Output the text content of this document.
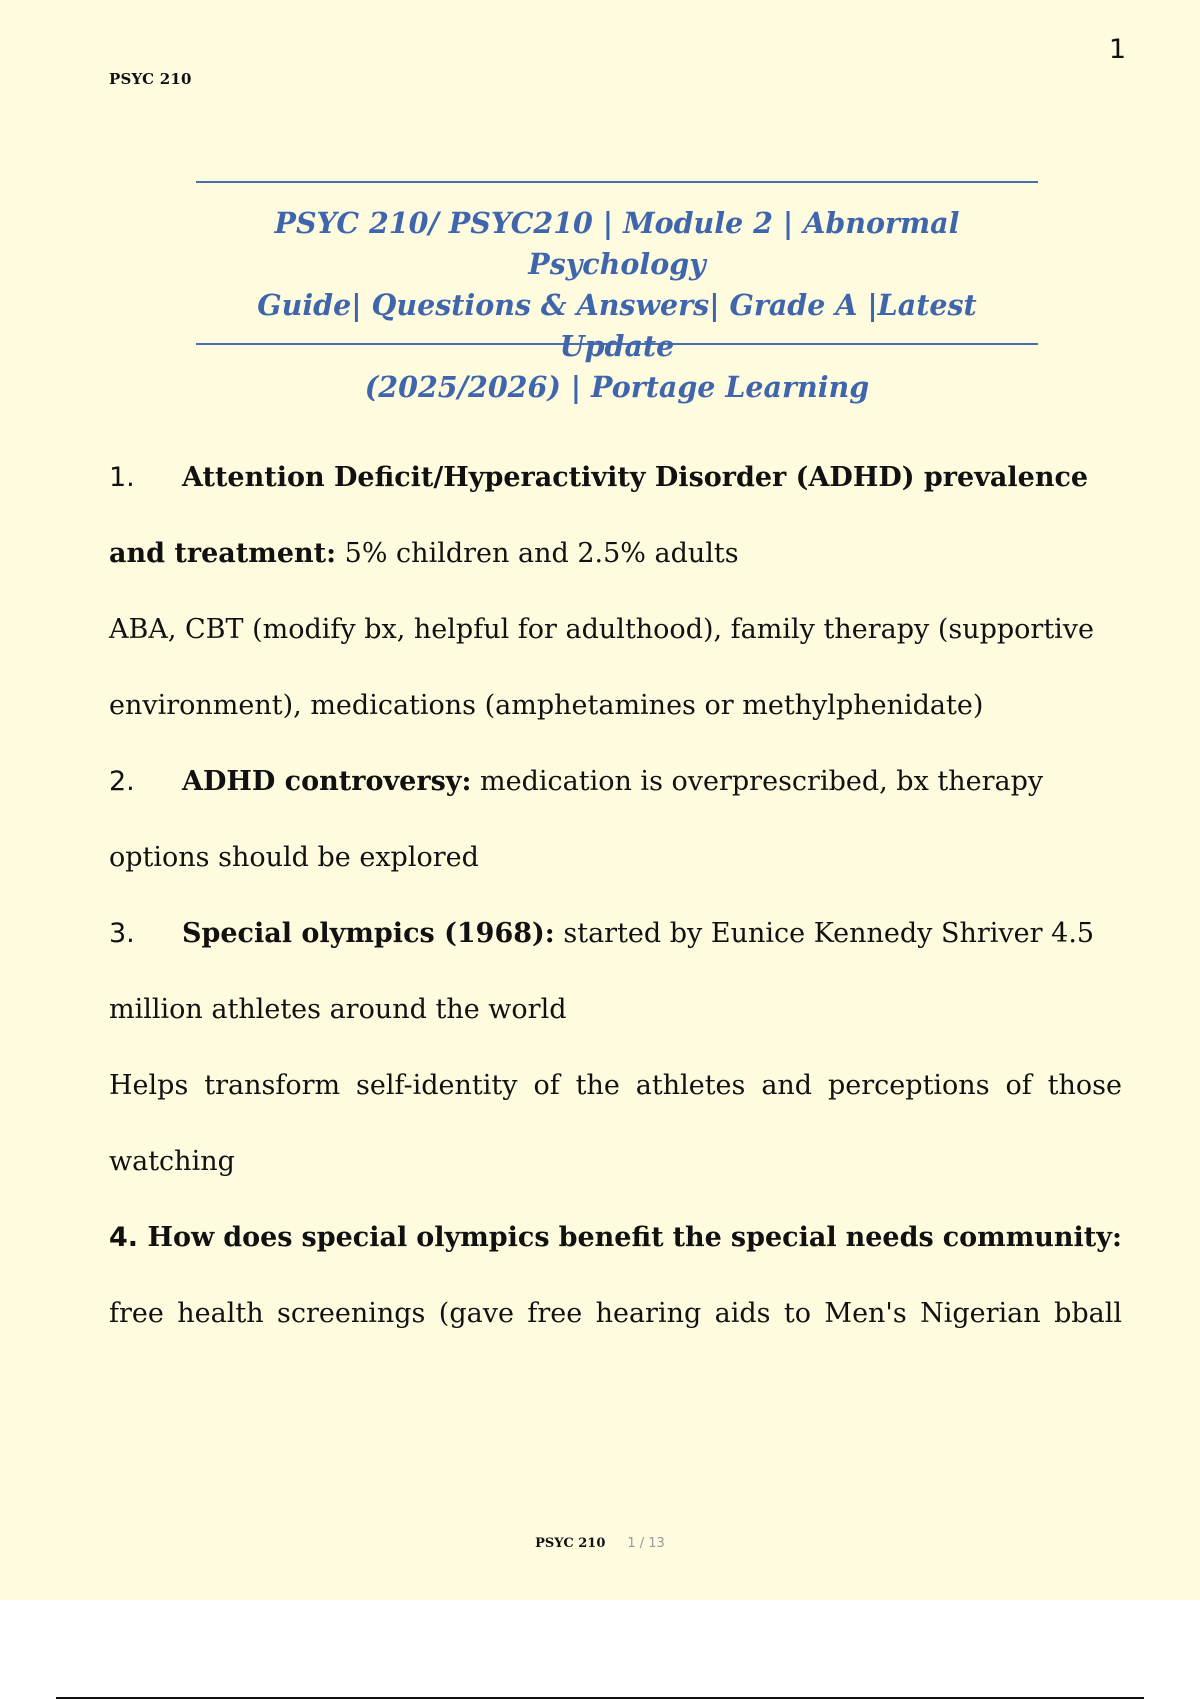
PSYC 210
1
PSYC 210/ PSYC210 | Module 2 | Abnormal Psychology
Guide| Questions & Answers| Grade A |Latest Update
(2025/2026) | Portage Learning
1. Attention Deficit/Hyperactivity Disorder (ADHD) prevalence
and treatment: 5% children and 2.5% adults
ABA, CBT (modify bx, helpful for adulthood), family therapy (supportive
environment), medications (amphetamines or methylphenidate)
2. ADHD controversy: medication is overprescribed, bx therapy
options should be explored
3. Special olympics (1968): started by Eunice Kennedy Shriver 4.5
million athletes around the world
Helps transform self-identity of the athletes and perceptions of those
watching
4. How does special olympics benefit the special needs community:
free health screenings (gave free hearing aids to Men's Nigerian bball
PSYC 210 1 / 13
